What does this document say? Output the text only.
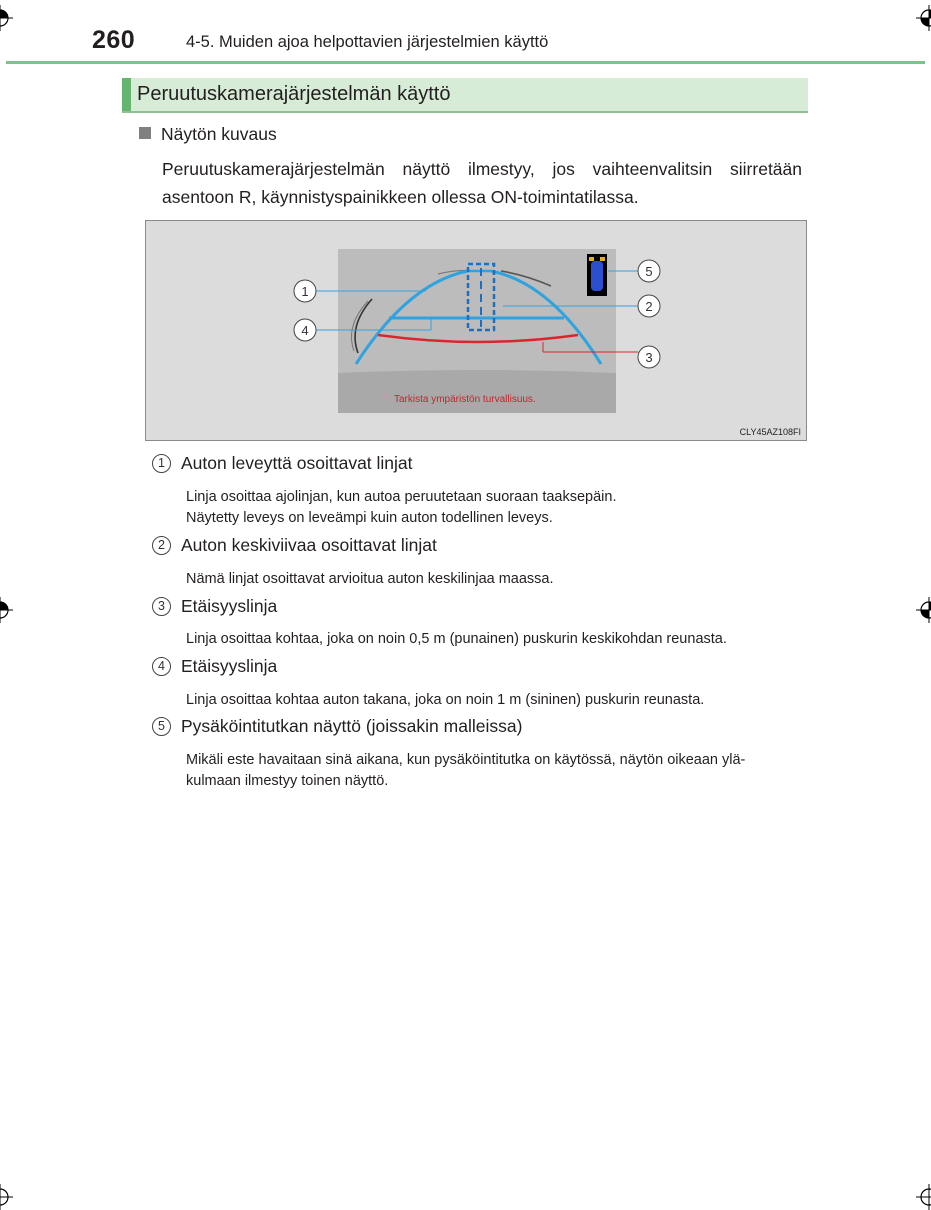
260	4-5. Muiden ajoa helpottavien järjestelmien käyttö
Peruutuskamerajärjestelmän käyttö
Näytön kuvaus
Peruutuskamerajärjestelmän näyttö ilmestyy, jos vaihteenvalitsin siirretään asentoon R, käynnistyspainikkeen ollessa ON-toimintatilassa.
Tarkista ympäristön turvallisuus.
1
2
3
4
5
CLY45AZ108FI
1 Auton leveyttä osoittavat linjat
Linja osoittaa ajolinjan, kun autoa peruutetaan suoraan taaksepäin.
Näytetty leveys on leveämpi kuin auton todellinen leveys.
2 Auton keskiviivaa osoittavat linjat
Nämä linjat osoittavat arvioitua auton keskilinjaa maassa.
3 Etäisyyslinja
Linja osoittaa kohtaa, joka on noin 0,5 m (punainen) puskurin keskikohdan reunasta.
4 Etäisyyslinja
Linja osoittaa kohtaa auton takana, joka on noin 1 m (sininen) puskurin reunasta.
5 Pysäköintitutkan näyttö (joissakin malleissa)
Mikäli este havaitaan sinä aikana, kun pysäköintitutka on käytössä, näytön oikeaan ylä-
kulmaan ilmestyy toinen näyttö.
